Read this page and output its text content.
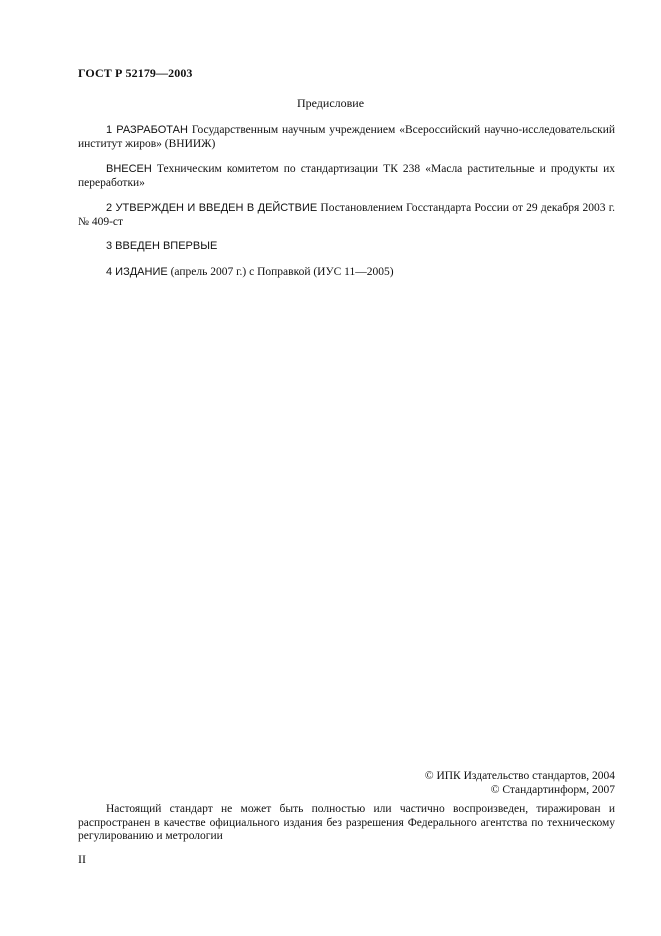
ГОСТ Р 52179—2003
Предисловие

1 РАЗРАБОТАН Государственным научным учреждением «Всероссийский научно-исследовательский институт жиров» (ВНИИЖ)

ВНЕСЕН Техническим комитетом по стандартизации ТК 238 «Масла растительные и продукты их переработки»

2 УТВЕРЖДЕН И ВВЕДЕН В ДЕЙСТВИЕ Постановлением Госстандарта России от 29 декабря 2003 г. № 409-ст

3 ВВЕДЕН ВПЕРВЫЕ

4 ИЗДАНИЕ (апрель 2007 г.) с Поправкой (ИУС 11—2005)

© ИПК Издательство стандартов, 2004
© Стандартинформ, 2007

Настоящий стандарт не может быть полностью или частично воспроизведен, тиражирован и распространен в качестве официального издания без разрешения Федерального агентства по техническому регулированию и метрологии

II
